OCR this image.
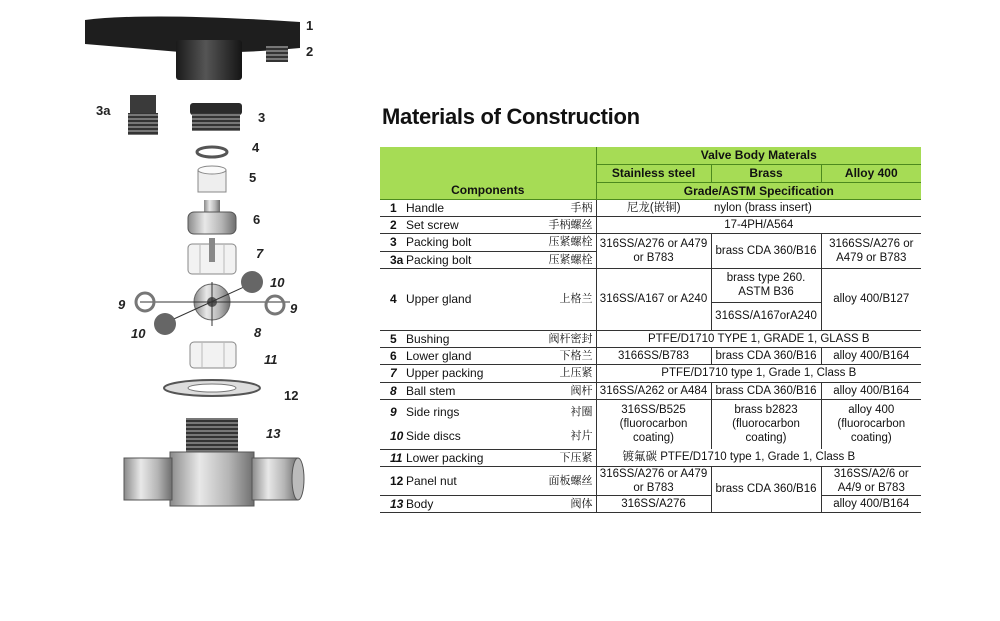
1
2
3a	3
4
5
6
7
10
9	9
10	8
11
12
13
Materials of Construction
Components			Valve Body Materals		
			Stainless steel	Brass	Alloy 400
			Grade/ASTM Specification		
1	Handle	手柄	尼龙(嵌铜)	nylon (brass insert)	
2	Set screw	手柄螺丝	17-4PH/A564		
3	Packing bolt	压紧螺栓	316SS/A276 or A479 or B783	brass CDA 360/B16	3166SS/A276 or A479 or B783
3a	Packing bolt	压紧螺栓			
4	Upper gland	上格兰	316SS/A167 or A240	brass type 260. ASTM B36	alloy 400/B127
				316SS/A167orA240	
5	Bushing	阀杆密封	PTFE/D1710 TYPE 1, GRADE 1, GLASS B		
6	Lower gland	下格兰	3166SS/B783	brass CDA 360/B16	alloy 400/B164
7	Upper packing	上压紧	PTFE/D1710 type 1, Grade 1, Class B		
8	Ball stem	阀杆	316SS/A262 or A484	brass CDA 360/B16	alloy 400/B164
9	Side rings	衬圈	316SS/B525 (fluorocarbon coating)	brass b2823 (fluorocarbon coating)	alloy 400 (fluorocarbon coating)
10	Side discs	衬片			
11	Lower packing	下压紧	镀氟碳 PTFE/D1710 type 1, Grade 1, Class B		
12	Panel nut	面板螺丝	316SS/A276 or A479 or B783	brass CDA 360/B16	316SS/A2/6 or A4/9 or B783
13	Body	阀体	316SS/A276		alloy 400/B164
